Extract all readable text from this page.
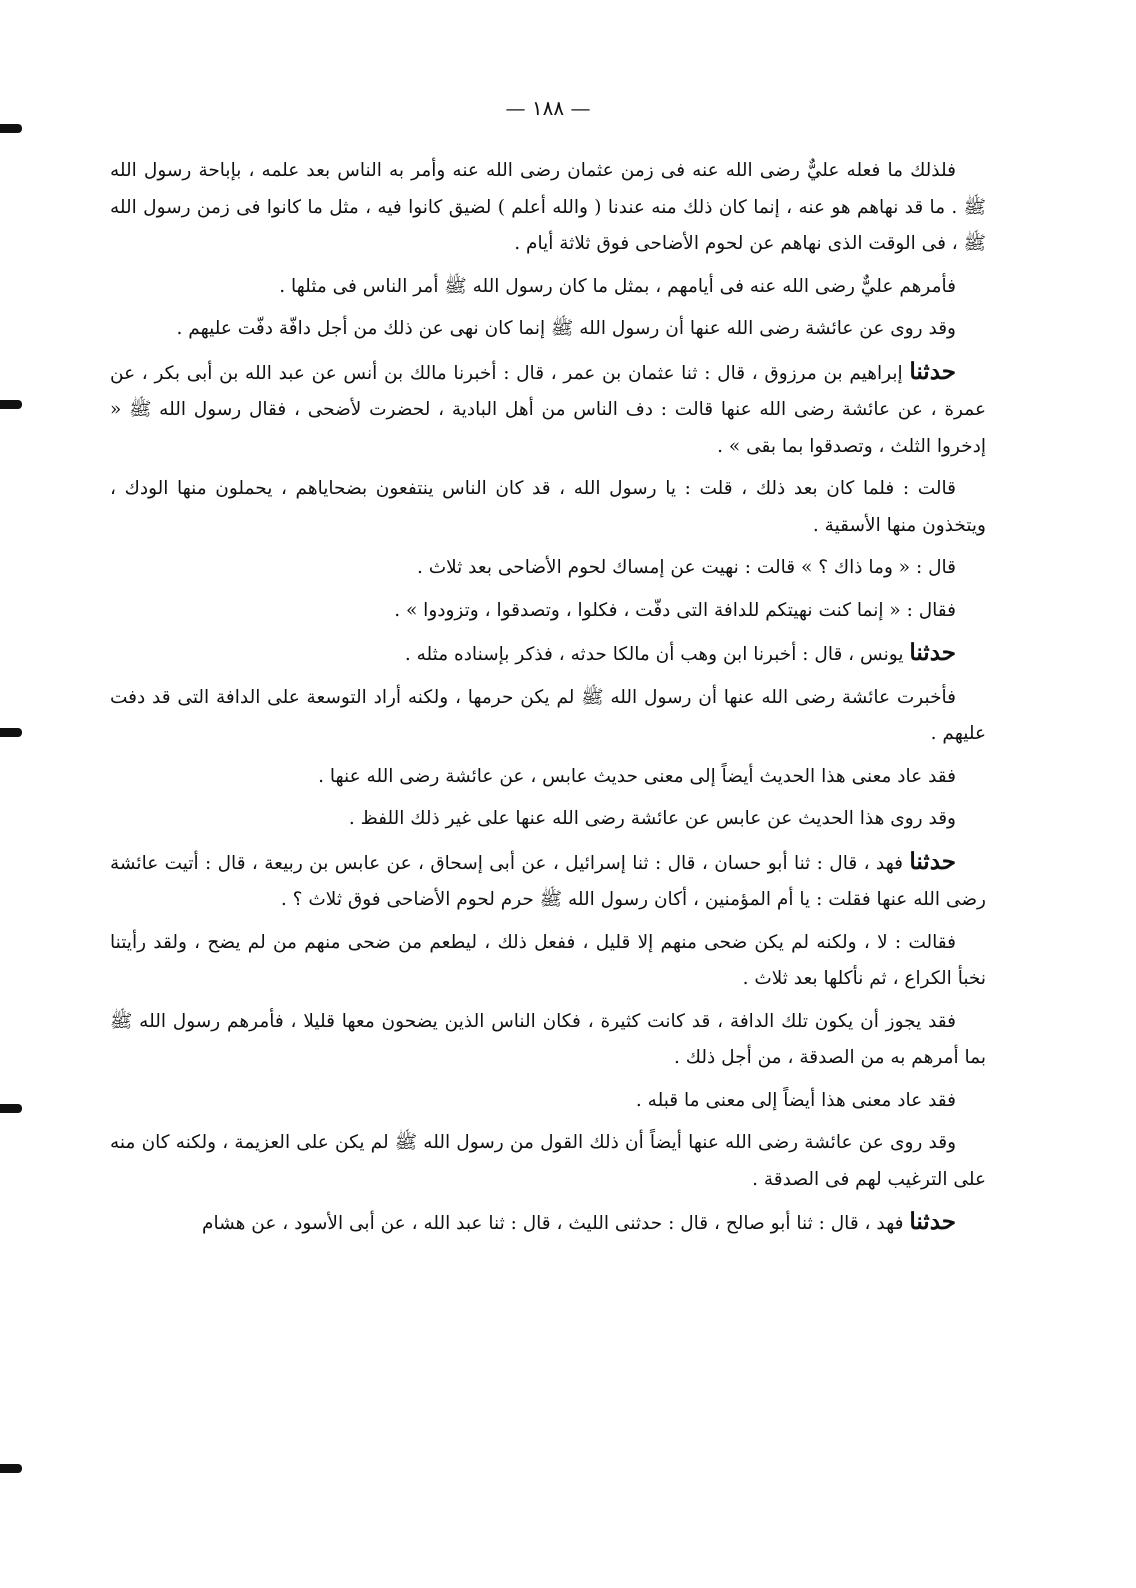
— ١٨٨ —

فلذلك ما فعله عليٌّ رضى الله عنه فى زمن عثمان رضى الله عنه وأمر به الناس بعد علمه ، بإباحة رسول الله ﷺ . ما قد نهاهم هو عنه ، إنما كان ذلك منه عندنا ( والله أعلم ) لضيق كانوا فيه ، مثل ما كانوا فى زمن رسول الله ﷺ ، فى الوقت الذى نهاهم عن لحوم الأضاحى فوق ثلاثة أيام .

فأمرهم عليٌّ رضى الله عنه فى أيامهم ، بمثل ما كان رسول الله ﷺ أمر الناس فى مثلها .

وقد روى عن عائشة رضى الله عنها أن رسول الله ﷺ إنما كان نهى عن ذلك من أجل دافّة دفّت عليهم .

حدثنا إبراهيم بن مرزوق ، قال : ثنا عثمان بن عمر ، قال : أخبرنا مالك بن أنس عن عبد الله بن أبى بكر ، عن عمرة ، عن عائشة رضى الله عنها قالت : دف الناس من أهل البادية ، لحضرت لأضحى ، فقال رسول الله ﷺ « إدخروا الثلث ، وتصدقوا بما بقى » .

قالت : فلما كان بعد ذلك ، قلت : يا رسول الله ، قد كان الناس ينتفعون بضحاياهم ، يحملون منها الودك ، ويتخذون منها الأسقية .

قال : « وما ذاك ؟ » قالت : نهيت عن إمساك لحوم الأضاحى بعد ثلاث .

فقال : « إنما كنت نهيتكم للدافة التى دفّت ، فكلوا ، وتصدقوا ، وتزودوا » .

حدثنا يونس ، قال : أخبرنا ابن وهب أن مالكا حدثه ، فذكر بإسناده مثله .

فأخبرت عائشة رضى الله عنها أن رسول الله ﷺ لم يكن حرمها ، ولكنه أراد التوسعة على الدافة التى قد دفت عليهم .

فقد عاد معنى هذا الحديث أيضاً إلى معنى حديث عابس ، عن عائشة رضى الله عنها .

وقد روى هذا الحديث عن عابس عن عائشة رضى الله عنها على غير ذلك اللفظ .

حدثنا فهد ، قال : ثنا أبو حسان ، قال : ثنا إسرائيل ، عن أبى إسحاق ، عن عابس بن ربيعة ، قال : أتيت عائشة رضى الله عنها فقلت : يا أم المؤمنين ، أكان رسول الله ﷺ حرم لحوم الأضاحى فوق ثلاث ؟ .

فقالت : لا ، ولكنه لم يكن ضحى منهم إلا قليل ، ففعل ذلك ، ليطعم من ضحى منهم من لم يضح ، ولقد رأيتنا نخبأ الكراع ، ثم نأكلها بعد ثلاث .

فقد يجوز أن يكون تلك الدافة ، قد كانت كثيرة ، فكان الناس الذين يضحون معها قليلا ، فأمرهم رسول الله ﷺ بما أمرهم به من الصدقة ، من أجل ذلك .

فقد عاد معنى هذا أيضاً إلى معنى ما قبله .

وقد روى عن عائشة رضى الله عنها أيضاً أن ذلك القول من رسول الله ﷺ لم يكن على العزيمة ، ولكنه كان منه على الترغيب لهم فى الصدقة .

حدثنا فهد ، قال : ثنا أبو صالح ، قال : حدثنى الليث ، قال : ثنا عبد الله ، عن أبى الأسود ، عن هشام
